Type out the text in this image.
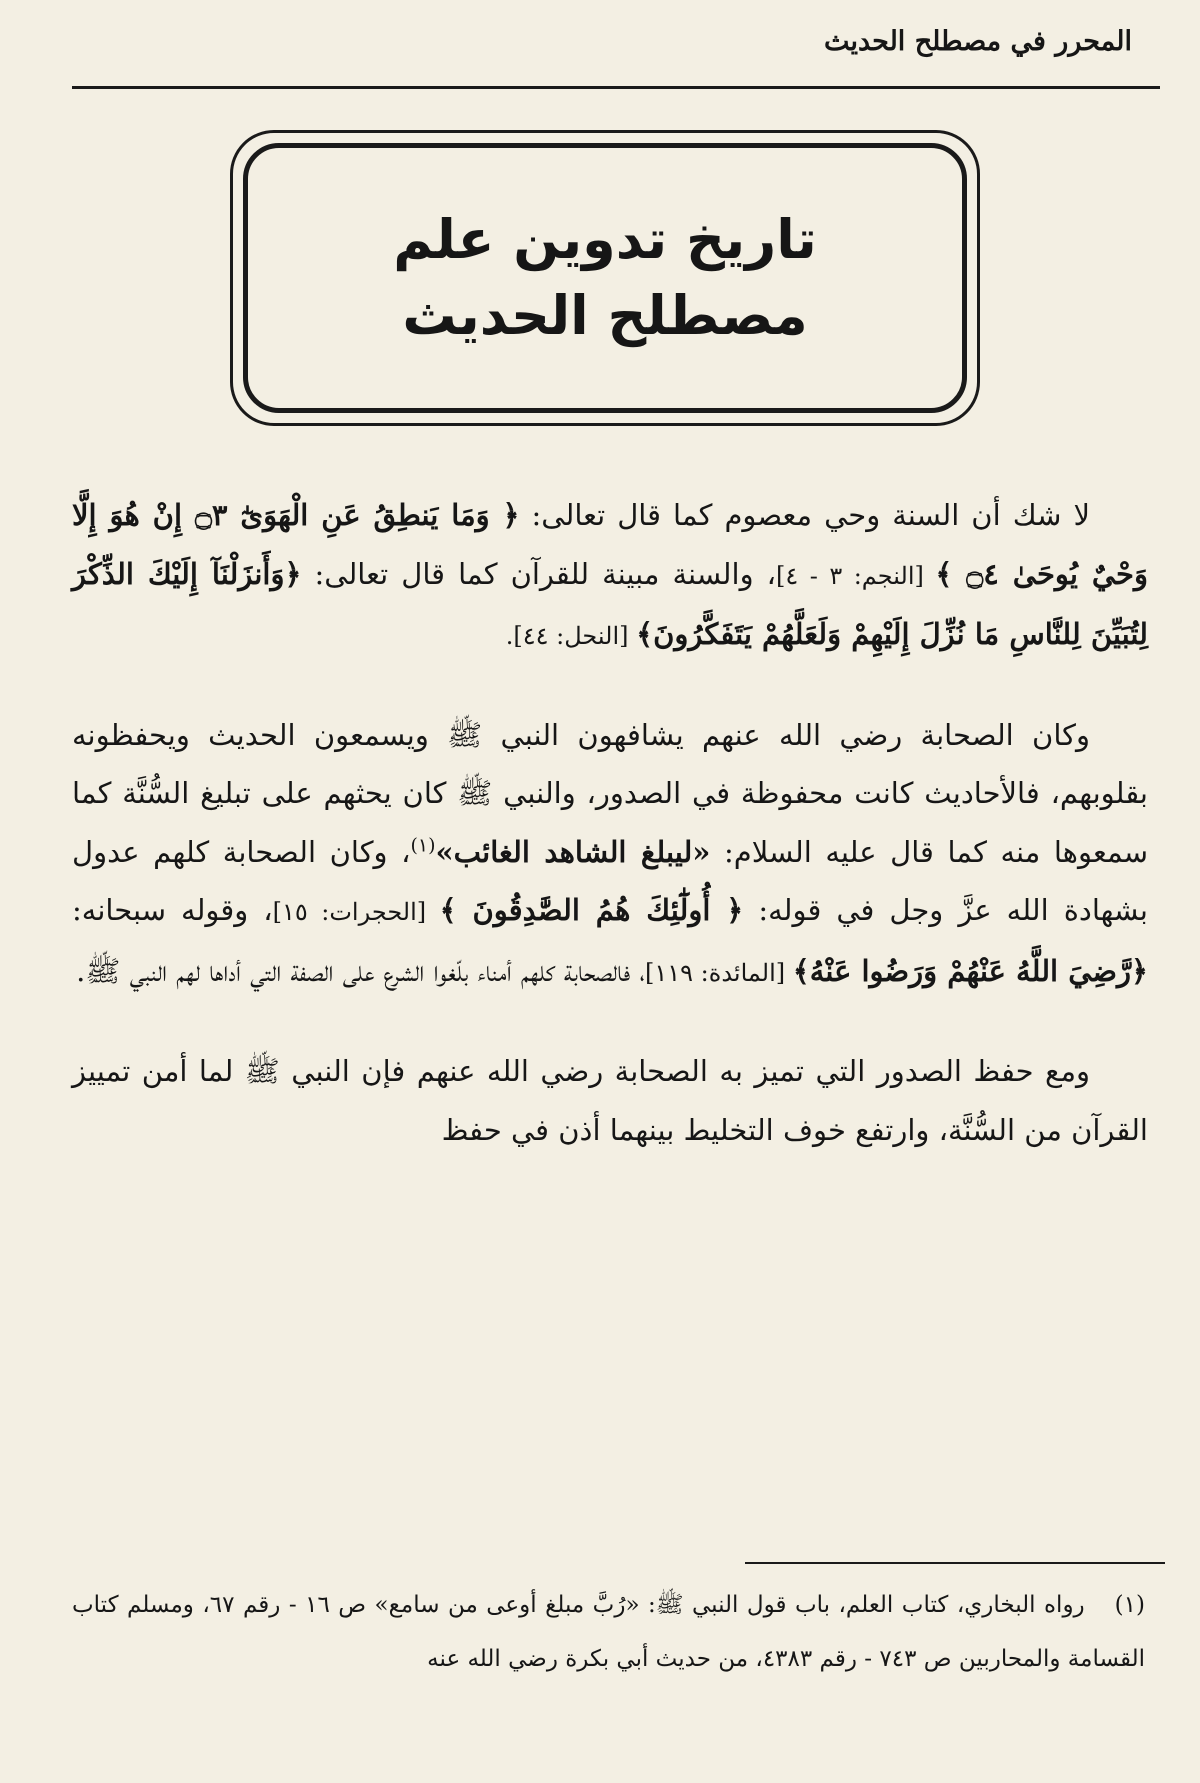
المحرر في مصطلح الحديث
تاريخ تدوين علم
مصطلح الحديث

لا شك أن السنة وحي معصوم كما قال تعالى: ﴿ وَمَا يَنطِقُ عَنِ الْهَوَىٰٓ ۝٣ إِنْ هُوَ إِلَّا وَحْيٌ يُوحَىٰ ۝٤ ﴾ [النجم: ٣ - ٤]، والسنة مبينة للقرآن كما قال تعالى: ﴿وَأَنزَلْنَآ إِلَيْكَ الذِّكْرَ لِتُبَيِّنَ لِلنَّاسِ مَا نُزِّلَ إِلَيْهِمْ وَلَعَلَّهُمْ يَتَفَكَّرُونَ﴾ [النحل: ٤٤].

وكان الصحابة رضي الله عنهم يشافهون النبي ﷺ ويسمعون الحديث ويحفظونه بقلوبهم، فالأحاديث كانت محفوظة في الصدور، والنبي ﷺ كان يحثهم على تبليغ السُّنَّة كما سمعوها منه كما قال عليه السلام: «ليبلغ الشاهد الغائب»$^{(١)}$، وكان الصحابة كلهم عدول بشهادة الله عزَّ وجل في قوله: ﴿ أُولَٰٓئِكَ هُمُ الصَّٰدِقُونَ ﴾ [الحجرات: ١٥]، وقوله سبحانه: ﴿رَّضِيَ اللَّهُ عَنْهُمْ وَرَضُوا عَنْهُ﴾ [المائدة: ١١٩]، فالصحابة كلهم أمناء بلّغوا الشرع على الصفة التي أداها لهم النبي ﷺ.

ومع حفظ الصدور التي تميز به الصحابة رضي الله عنهم فإن النبي ﷺ لما أمن تمييز القرآن من السُّنَّة، وارتفع خوف التخليط بينهما أذن في حفظ

(١)رواه البخاري، كتاب العلم، باب قول النبي ﷺ: «رُبَّ مبلغ أوعى من سامع» ص ١٦ - رقم ٦٧، ومسلم كتاب القسامة والمحاربين ص ٧٤٣ - رقم ٤٣٨٣، من حديث أبي بكرة رضي الله عنه
